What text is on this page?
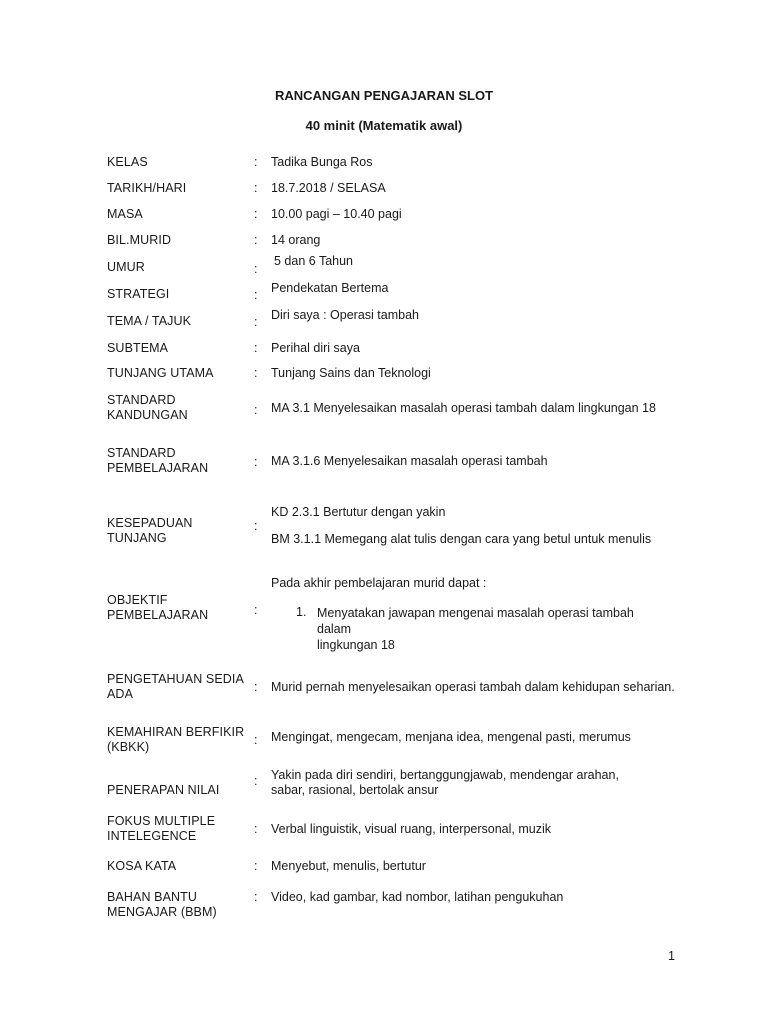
RANCANGAN PENGAJARAN SLOT
40 minit (Matematik awal)
KELAS	: Tadika Bunga Ros
TARIKH/HARI	: 18.7.2018 / SELASA
MASA	: 10.00 pagi – 10.40 pagi
BIL.MURID	: 14 orang
UMUR	:
5 dan 6 Tahun
STRATEGI	: Pendekatan Bertema
TEMA / TAJUK	: Diri saya : Operasi tambah
SUBTEMA	: Perihal diri saya
TUNJANG UTAMA	: Tunjang Sains dan Teknologi
STANDARD
KANDUNGAN	: MA 3.1 Menyelesaikan masalah operasi tambah dalam lingkungan 18
STANDARD
PEMBELAJARAN	: MA 3.1.6 Menyelesaikan masalah operasi tambah
KESEPADUAN
TUNJANG
:

KD 2.3.1 Bertutur dengan yakin

BM 3.1.1 Memegang alat tulis dengan cara yang betul untuk menulis

OBJEKTIF
PEMBELAJARAN	:
Pada akhir pembelajaran murid dapat :
1. Menyatakan jawapan mengenai masalah operasi tambah dalam
lingkungan 18
PENGETAHUAN SEDIA
ADA	: Murid pernah menyelesaikan operasi tambah dalam kehidupan seharian.
KEMAHIRAN BERFIKIR
(KBKK)	: Mengingat, mengecam, menjana idea, mengenal pasti, merumus
PENERAPAN NILAI
: Yakin pada diri sendiri, bertanggungjawab, mendengar arahan,
sabar, rasional, bertolak ansur
FOKUS MULTIPLE
INTELEGENCE	: Verbal linguistik, visual ruang, interpersonal, muzik
KOSA KATA	: Menyebut, menulis, bertutur
BAHAN BANTU
MENGAJAR (BBM)
: Video, kad gambar, kad nombor, latihan pengukuhan
1
